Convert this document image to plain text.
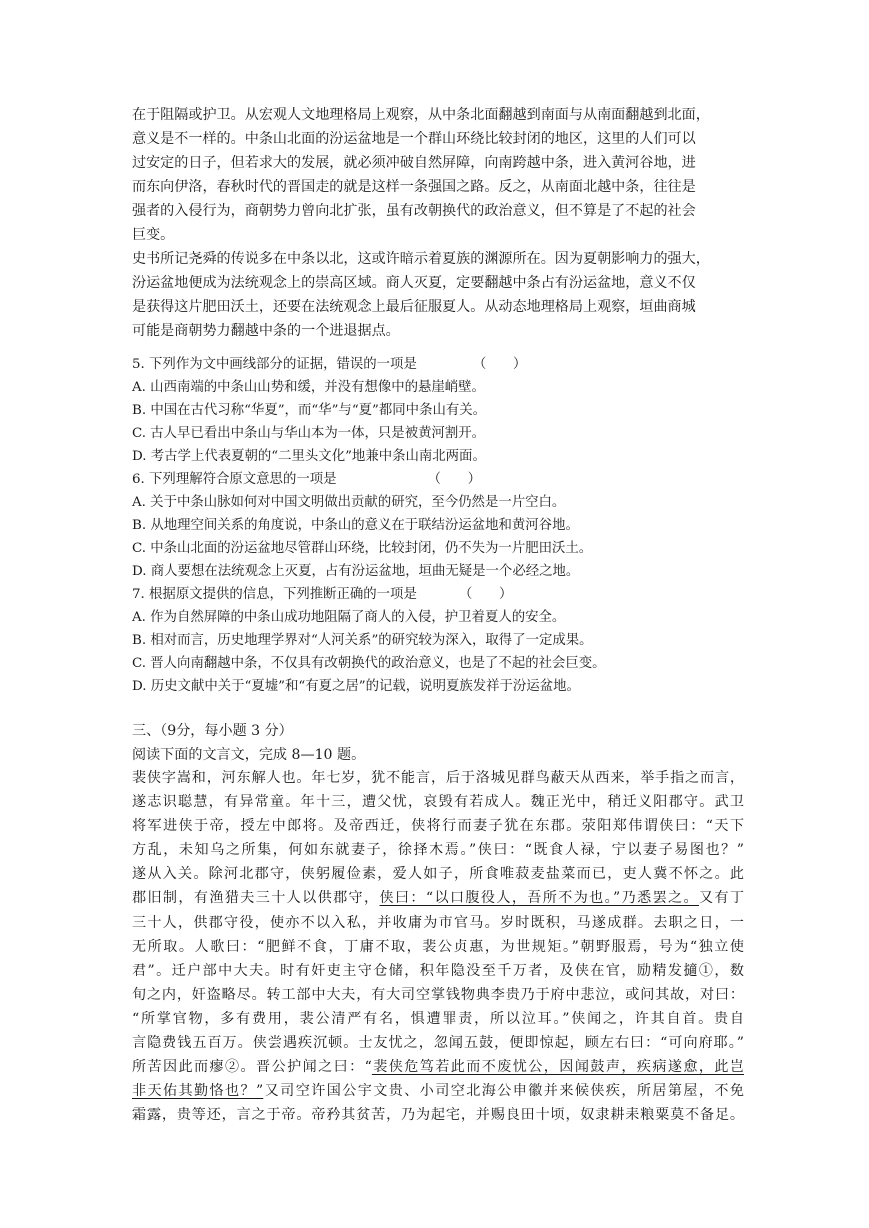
在于阻隔或护卫。从宏观人文地理格局上观察，从中条北面翻越到南面与从南面翻越到北面，
意义是不一样的。中条山北面的汾运盆地是一个群山环绕比较封闭的地区，这里的人们可以
过安定的日子，但若求大的发展，就必须冲破自然屏障，向南跨越中条，进入黄河谷地，进
而东向伊洛，春秋时代的晋国走的就是这样一条强国之路。反之，从南面北越中条，往往是
强者的入侵行为，商朝势力曾向北扩张，虽有改朝换代的政治意义，但不算是了不起的社会
巨变。
史书所记尧舜的传说多在中条以北，这或许暗示着夏族的渊源所在。因为夏朝影响力的强大，
汾运盆地便成为法统观念上的崇高区域。商人灭夏，定要翻越中条占有汾运盆地，意义不仅
是获得这片肥田沃土，还要在法统观念上最后征服夏人。从动态地理格局上观察，垣曲商城
可能是商朝势力翻越中条的一个进退据点。
5. 下列作为文中画线部分的证据，错误的一项是	（　　）
A. 山西南端的中条山山势和缓，并没有想像中的悬崖峭壁。
B. 中国在古代习称“华夏”，而“华”与“夏”都同中条山有关。
C. 古人早已看出中条山与华山本为一体，只是被黄河割开。
D. 考古学上代表夏朝的“二里头文化”地兼中条山南北两面。
6. 下列理解符合原文意思的一项是	（　　）
A. 关于中条山脉如何对中国文明做出贡献的研究，至今仍然是一片空白。
B. 从地理空间关系的角度说，中条山的意义在于联结汾运盆地和黄河谷地。
C. 中条山北面的汾运盆地尽管群山环绕，比较封闭，仍不失为一片肥田沃土。
D. 商人要想在法统观念上灭夏，占有汾运盆地，垣曲无疑是一个必经之地。
7. 根据原文提供的信息，下列推断正确的一项是	（　　）
A. 作为自然屏障的中条山成功地阻隔了商人的入侵，护卫着夏人的安全。
B. 相对而言，历史地理学界对“人河关系”的研究较为深入，取得了一定成果。
C. 晋人向南翻越中条，不仅具有改朝换代的政治意义，也是了不起的社会巨变。
D. 历史文献中关于“夏墟”和“有夏之居”的记载，说明夏族发祥于汾运盆地。
三、（9分，每小题 3 分）
阅读下面的文言文，完成 8—10 题。
裴侠字嵩和，河东解人也。年七岁，犹不能言，后于洛城见群鸟蔽天从西来，举手指之而言，
遂志识聪慧，有异常童。年十三，遭父忧，哀毁有若成人。魏正光中，稍迁义阳郡守。武卫
将军进侠于帝，授左中郎将。及帝西迁，侠将行而妻子犹在东郡。荥阳郑伟谓侠曰：“天下
方乱，未知乌之所集，何如东就妻子，徐择木焉。”侠曰：“既食人禄，宁以妻子易图也？”
遂从入关。除河北郡守，侠躬履俭素，爱人如子，所食唯菽麦盐菜而已，吏人冀不怀之。此
郡旧制，有渔猎夫三十人以供郡守，侠曰：“以口腹役人，吾所不为也。”乃悉罢之。又有丁
三十人，供郡守役，使亦不以入私，并收庸为市官马。岁时既积，马遂成群。去职之日，一
无所取。人歌曰：“肥鲜不食，丁庸不取，裴公贞惠，为世规矩。”朝野服焉，号为“独立使
君”。迁户部中大夫。时有奸吏主守仓储，积年隐没至千万者，及侠在官，励精发擿①，数
旬之内，奸盗略尽。转工部中大夫，有大司空掌钱物典李贵乃于府中悲泣，或问其故，对曰：
“所掌官物，多有费用，裴公清严有名，惧遭罪责，所以泣耳。”侠闻之，许其自首。贵自
言隐费钱五百万。侠尝遇疾沉顿。士友忧之，忽闻五鼓，便即惊起，顾左右曰：“可向府耶。”
所苦因此而瘳②。晋公护闻之曰：“裴侠危笃若此而不废忧公，因闻鼓声，疾病遂愈，此岂
非天佑其勤恪也？”又司空许国公宇文贵、小司空北海公申徽并来候侠疾，所居第屋，不免
霜露，贵等还，言之于帝。帝矜其贫苦，乃为起宅，并赐良田十顷，奴隶耕耒粮粟莫不备足。
